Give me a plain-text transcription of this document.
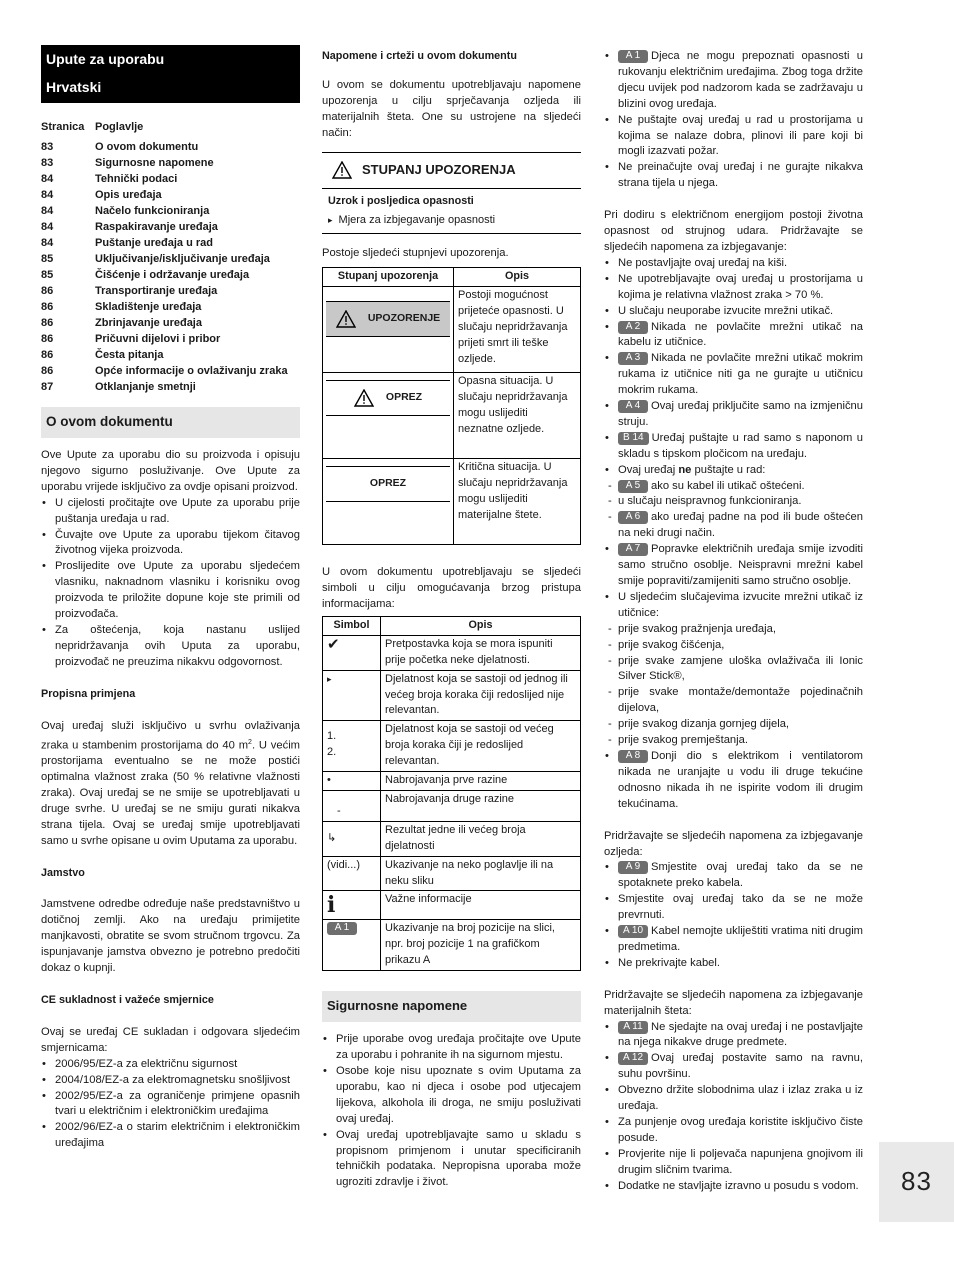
Upute za uporabu
Hrvatski
Stranica Poglavlje
83	O ovom dokumentu
83	Sigurnosne napomene
84	Tehnički podaci
84	Opis uređaja
84	Načelo funkcioniranja
84	Raspakiravanje uređaja
84	Puštanje uređaja u rad
85	Uključivanje/isključivanje uređaja
85	Čišćenje i održavanje uređaja
86	Transportiranje uređaja
86	Skladištenje uređaja
86	Zbrinjavanje uređaja
86	Pričuvni dijelovi i pribor
86	Česta pitanja
86	Opće informacije o ovlaživanju zraka
87	Otklanjanje smetnji
O ovom dokumentu

Ove Upute za uporabu dio su proizvoda i opisuju njegovo sigurno posluživanje. Ove Upute za uporabu vrijede isključivo za ovdje opisani proizvod.

• U cijelosti pročitajte ove Upute za uporabu prije puštanja uređaja u rad.
• Čuvajte ove Upute za uporabu tijekom čitavog životnog vijeka proizvoda.
• Proslijedite ove Upute za uporabu sljedećem vlasniku, naknadnom vlasniku i korisniku ovog proizvoda te priložite dopune koje ste primili od proizvođača.
• Za oštećenja, koja nastanu uslijed nepridržavanja ovih Uputa za uporabu, proizvođač ne preuzima nikakvu odgovornost.
Propisna primjena

Ovaj uređaj služi isključivo u svrhu ovlaživanja zraka u stambenim prostorijama do 40 $m^2$. U većim prostorijama eventualno se ne može postići optimalna vlažnost zraka (50 % relativne vlažnosti zraka). Ovaj uređaj se ne smije se upotrebljavati u druge svrhe. U uređaj se ne smiju gurati nikakva strana tijela. Ovaj se uređaj smije upotrebljavati samo u svrhe opisane u ovim Uputama za uporabu.

Jamstvo

Jamstvene odredbe određuje naše predstavništvo u dotičnoj zemlji. Ako na uređaju primijetite manjkavosti, obratite se svom stručnom trgovcu. Za ispunjavanje jamstva obvezno je potrebno predočiti dokaz o kupnji.

CE sukladnost i važeće smjernice

Ovaj se uređaj CE sukladan i odgovara sljedećim smjernicama:

• 2006/95/EZ-a za električnu sigurnost
• 2004/108/EZ-a za elektromagnetsku snošljivost
• 2002/95/EZ-a za ograničenje primjene opasnih tvari u električnim i elektroničkim uređajima
• 2002/96/EZ-a o starim električnim i elektroničkim uređajima
Napomene i crteži u ovom dokumentu

U ovom se dokumentu upotrebljavaju napomene upozorenja u cilju sprječavanja ozljeda ili materijalnih šteta. One su ustrojene na sljedeći način:

STUPANJ UPOZORENJA
Uzrok i posljedica opasnosti
▸ Mjera za izbjegavanje opasnosti

Postoje sljedeći stupnjevi upozorenja.

Stupanj upozorenja	Opis

UPOZORENJE	Postoji mogućnost prijeteće opasnosti. U slučaju nepridržavanja prijeti smrt ili teške ozljede.

OPREZ	Opasna situacija. U slučaju nepridržavanja mogu uslijediti neznatne ozljede.

OPREZ	Kritična situacija. U slučaju nepridržavanja mogu uslijediti materijalne štete.

U ovom dokumentu upotrebljavaju se sljedeći simboli u cilju omogućavanja brzog pristupa informacijama:

Simbol	Opis
✔	Pretpostavka koja se mora ispuniti prije početka neke djelatnosti.
▸	Djelatnost koja se sastoji od jednog ili većeg broja koraka čiji redoslijed nije relevantan.
1.
2.	Djelatnost koja se sastoji od većeg broja koraka čiji je redoslijed relevantan.
•	Nabrojavanja prve razine

-	Nabrojavanja druge razine

↳	Rezultat jedne ili većeg broja djelatnosti
(vidi...)	Ukazivanje na neko poglavlje ili na neku sliku
i	Važne informacije
A 1	Ukazivanje na broj pozicije na slici, npr. broj pozicije 1 na grafičkom prikazu A
Sigurnosne napomene
• Prije uporabe ovog uređaja pročitajte ove Upute za uporabu i pohranite ih na sigurnom mjestu.
• Osobe koje nisu upoznate s ovim Uputama za uporabu, kao ni djeca i osobe pod utjecajem lijekova, alkohola ili droga, ne smiju posluživati ovaj uređaj.
• Ovaj uređaj upotrebljavajte samo u skladu s propisnom primjenom i unutar specificiranih tehničkih podataka. Nepropisna uporaba može ugroziti zdravlje i život.
• A 1 Djeca ne mogu prepoznati opasnosti u rukovanju električnim uređajima. Zbog toga držite djecu uvijek pod nadzorom kada se zadržavaju u blizini ovog uređaja.
• Ne puštajte ovaj uređaj u rad u prostorijama u kojima se nalaze dobra, plinovi ili pare koji bi mogli izazvati požar.
• Ne preinačujte ovaj uređaj i ne gurajte nikakva strana tijela u njega.

Pri dodiru s električnom energijom postoji životna opasnost od strujnog udara. Pridržavajte se sljedećih napomena za izbjegavanje:

• Ne postavljajte ovaj uređaj na kiši.
• Ne upotrebljavajte ovaj uređaj u prostorijama u kojima je relativna vlažnost zraka > 70 %.
• U slučaju neuporabe izvucite mrežni utikač.
• A 2 Nikada ne povlačite mrežni utikač na kabelu iz utičnice.
• A 3 Nikada ne povlačite mrežni utikač mokrim rukama iz utičnice niti ga ne gurajte u utičnicu mokrim rukama.
• A 4 Ovaj uređaj priključite samo na izmjeničnu struju.
• B 14 Uređaj puštajte u rad samo s naponom u skladu s tipskom pločicom na uređaju.
• Ovaj uređaj ne puštajte u rad:
- A 5 ako su kabel ili utikač oštećeni.
- u slučaju neispravnog funkcioniranja.
- A 6 ako uređaj padne na pod ili bude oštećen na neki drugi način.
• A 7 Popravke električnih uređaja smije izvoditi samo stručno osoblje. Neispravni mrežni kabel smije popraviti/zamijeniti samo stručno osoblje.
• U sljedećim slučajevima izvucite mrežni utikač iz utičnice:
- prije svakog pražnjenja uređaja,
- prije svakog čišćenja,
- prije svake zamjene uloška ovlaživača ili Ionic Silver Stick®,
- prije svake montaže/demontaže pojedinačnih dijelova,
- prije svakog dizanja gornjeg dijela,
- prije svakog premještanja.
• A 8 Donji dio s elektrikom i ventilatorom nikada ne uranjajte u vodu ili druge tekućine odnosno nikada ih ne ispirite vodom ili drugim tekućinama.

Pridržavajte se sljedećih napomena za izbjegavanje ozljeda:

• A 9 Smjestite ovaj uređaj tako da se ne spotaknete preko kabela.
• Smjestite ovaj uređaj tako da se ne može prevrnuti.
• A 10 Kabel nemojte ukliještiti vratima niti drugim predmetima.
• Ne prekrivajte kabel.

Pridržavajte se sljedećih napomena za izbjegavanje materijalnih šteta:

• A 11 Ne sjedajte na ovaj uređaj i ne postavljajte na njega nikakve druge predmete.
• A 12 Ovaj uređaj postavite samo na ravnu, suhu površinu.
• Obvezno držite slobodnima ulaz i izlaz zraka u iz uređaja.
• Za punjenje ovog uređaja koristite isključivo čiste posude.
• Provjerite nije li poljevača napunjena gnojivom ili drugim sličnim tvarima.
• Dodatke ne stavljajte izravno u posudu s vodom.	83
